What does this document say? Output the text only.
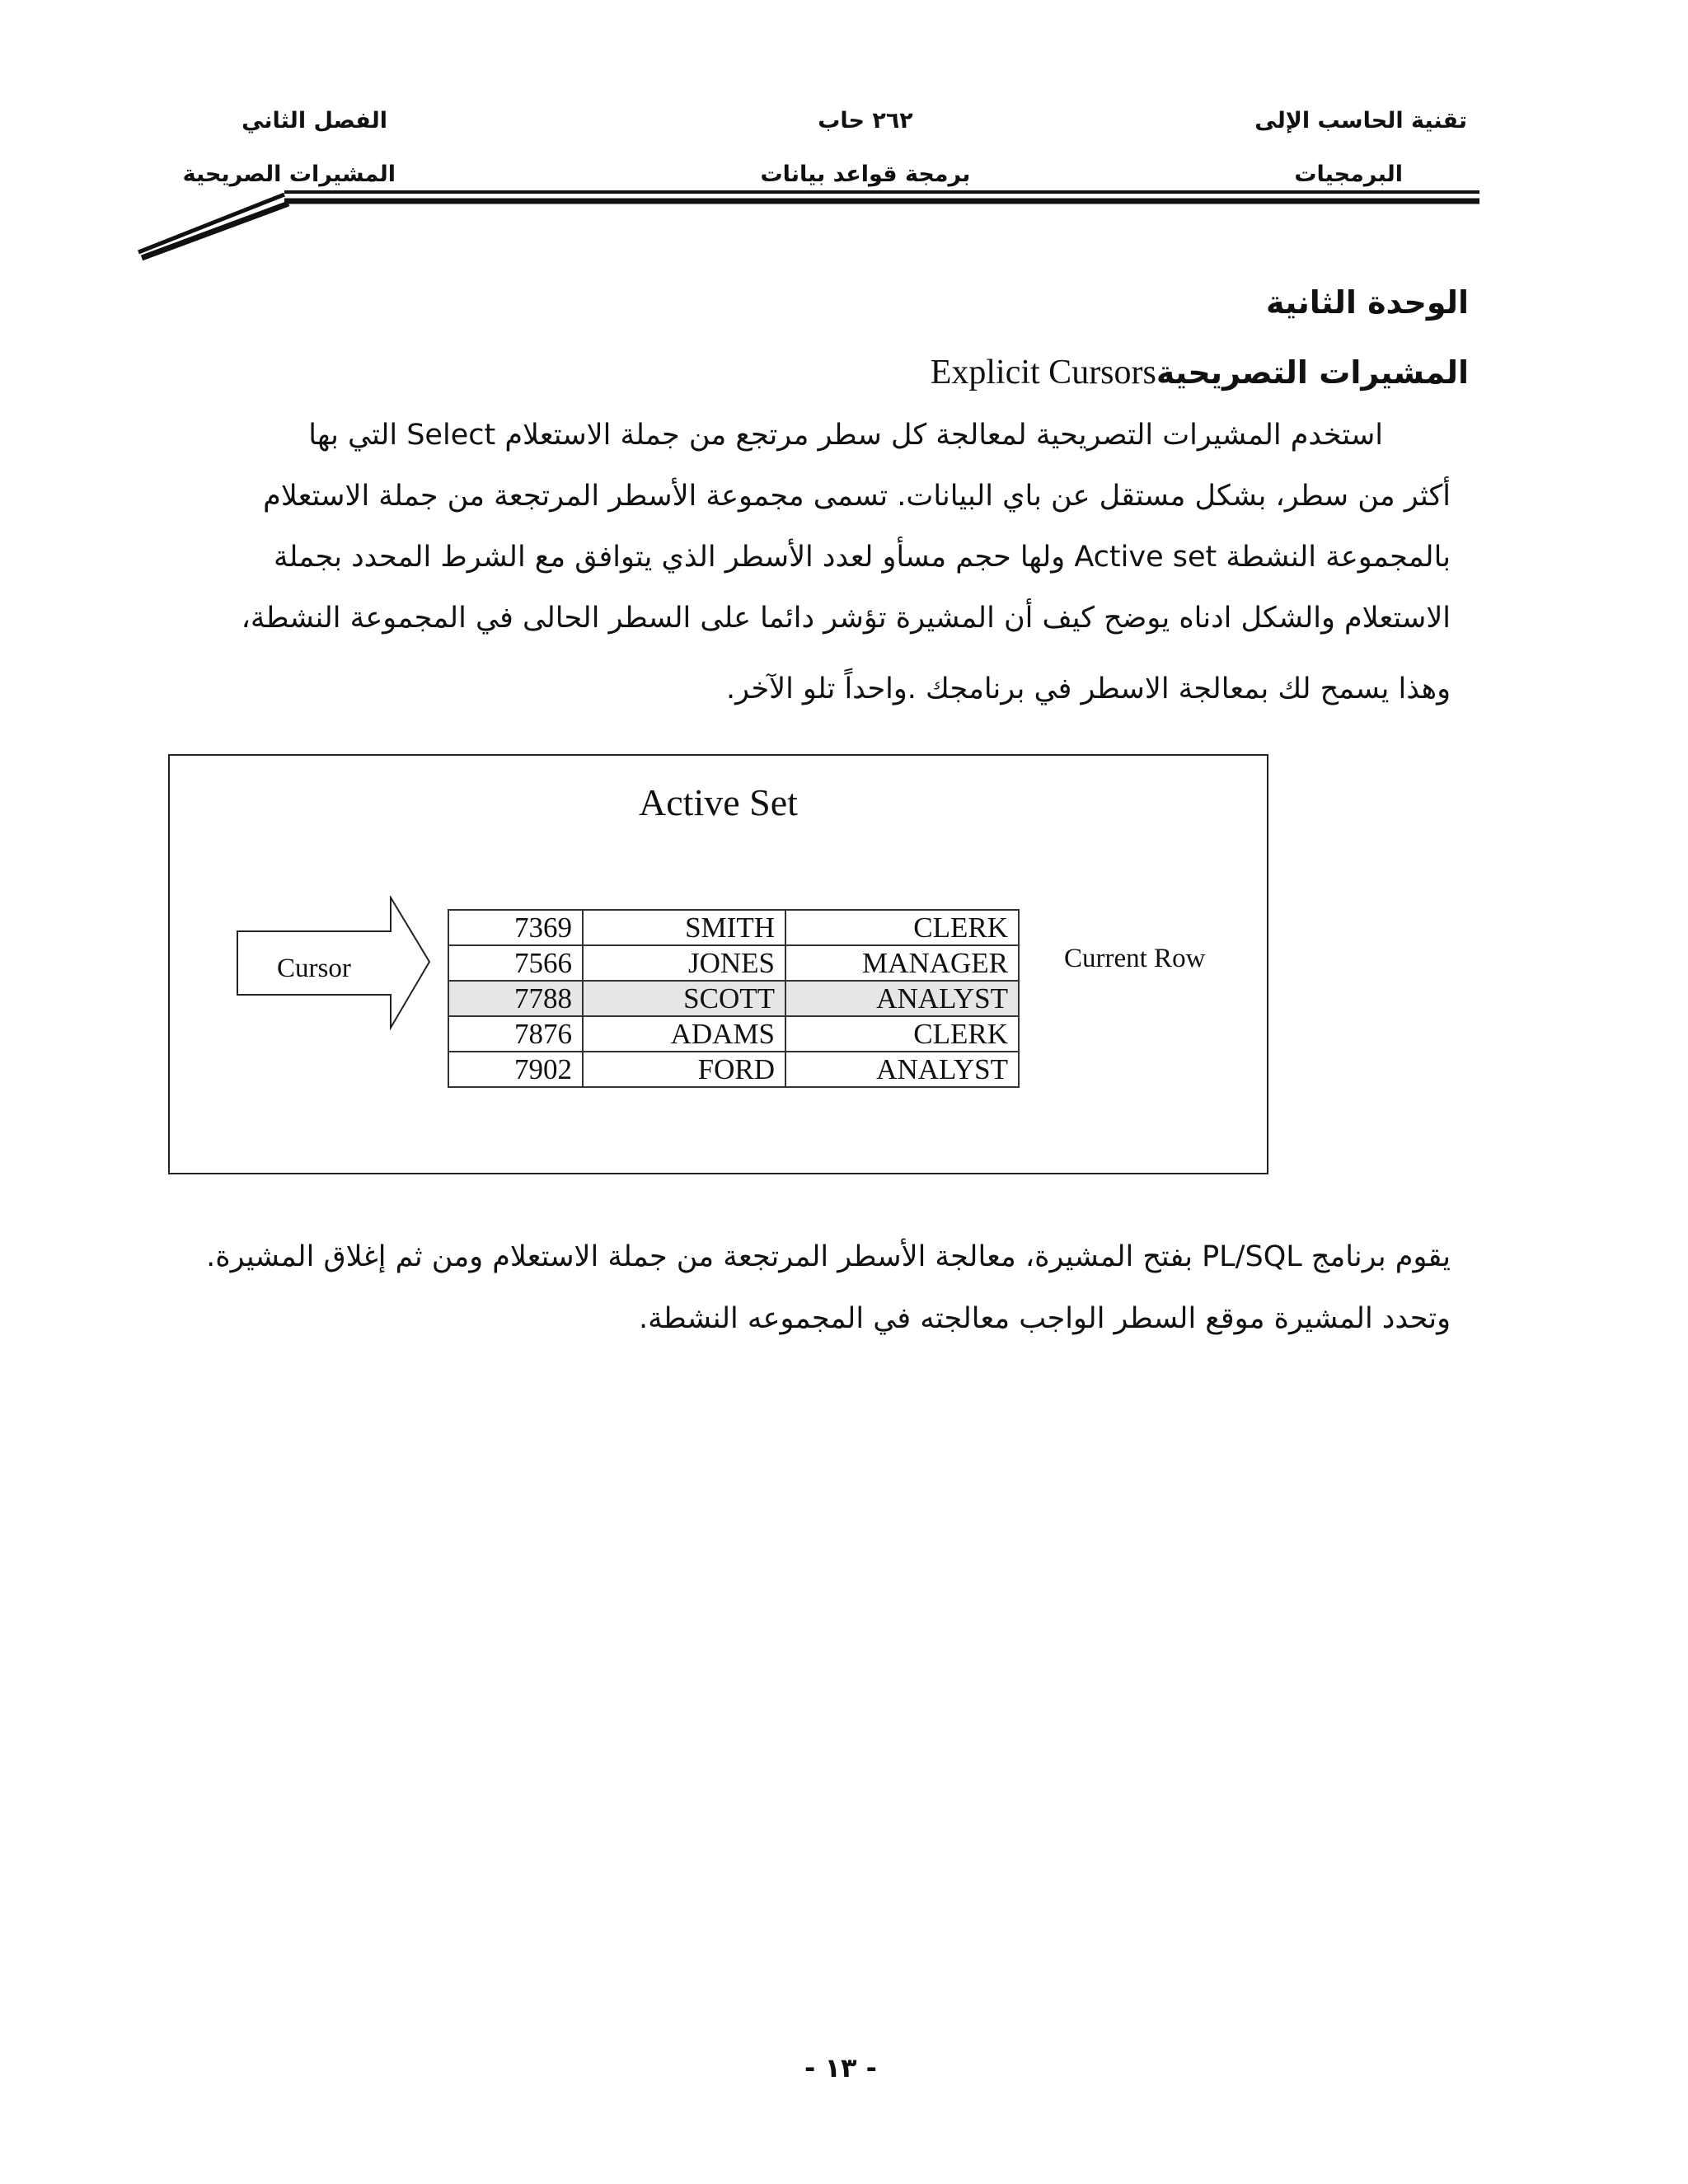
تقنية الحاسب الإلى
البرمجيات
٢٦٢ حاب
برمجة قواعد بيانات
الفصل الثاني
المشيرات الصريحية
الوحدة الثانية
المشيرات التصريحيةExplicit Cursors
استخدم المشيرات التصريحية لمعالجة كل سطر مرتجع من جملة الاستعلام Select التي بها
أكثر من سطر، بشكل مستقل عن باي البيانات. تسمى مجموعة الأسطر المرتجعة من جملة الاستعلام
بالمجموعة النشطة Active set ولها حجم مسأو لعدد الأسطر الذي يتوافق مع الشرط المحدد بجملة
الاستعلام والشكل ادناه يوضح كيف أن المشيرة تؤشر دائما على السطر الحالى في المجموعة النشطة،
وهذا يسمح لك بمعالجة الاسطر في برنامجك .واحداً تلو الآخر.
Active Set
Cursor
7369	SMITH	CLERK
7566	JONES	MANAGER
7788	SCOTT	ANALYST
7876	ADAMS	CLERK
7902	FORD	ANALYST
Current Row
يقوم برنامج PL/SQL بفتح المشيرة، معالجة الأسطر المرتجعة من جملة الاستعلام ومن ثم إغلاق المشيرة.
وتحدد المشيرة موقع السطر الواجب معالجته في المجموعه النشطة.
- ١٣ -
